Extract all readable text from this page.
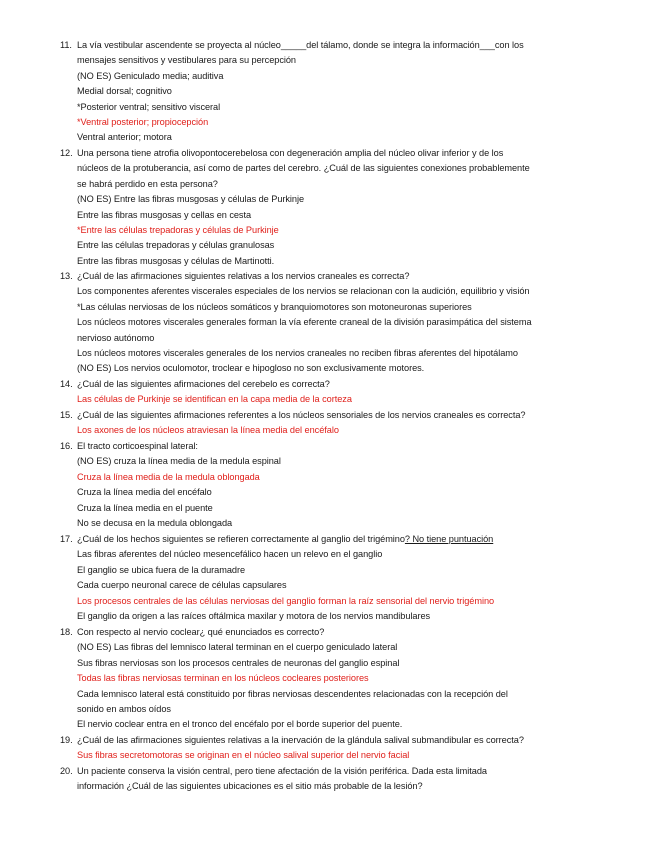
11. La vía vestibular ascendente se proyecta al núcleo_____del tálamo, donde se integra la información___con los
mensajes sensitivos y vestibulares para su percepción
(NO ES) Geniculado media; auditiva
Medial dorsal; cognitivo
*Posterior ventral; sensitivo visceral
*Ventral posterior; propiocepción
Ventral anterior; motora
12. Una persona tiene atrofia olivopontocerebelosa con degeneración amplia del núcleo olivar inferior y de los
núcleos de la protuberancia, así como de partes del cerebro. ¿Cuál de las siguientes conexiones probablemente
se habrá perdido en esta persona?
(NO ES) Entre las fibras musgosas y células de Purkinje
Entre las fibras musgosas y cellas en cesta
*Entre las células trepadoras y células de Purkinje
Entre las células trepadoras y células granulosas
Entre las fibras musgosas y células de Martinotti.
13. ¿Cuál de las afirmaciones siguientes relativas a los nervios craneales es correcta?
Los componentes aferentes viscerales especiales de los nervios se relacionan con la audición, equilibrio y visión
*Las células nerviosas de los núcleos somáticos y branquiomotores son motoneuronas superiores
Los núcleos motores viscerales generales forman la vía eferente craneal de la división parasimpática del sistema
nervioso autónomo
Los núcleos motores viscerales generales de los nervios craneales no reciben fibras aferentes del hipotálamo
(NO ES) Los nervios oculomotor, troclear e hipogloso no son exclusivamente motores.
14. ¿Cuál de las siguientes afirmaciones del cerebelo es correcta?
Las células de Purkinje se identifican en la capa media de la corteza
15. ¿Cuál de las siguientes afirmaciones referentes a los núcleos sensoriales de los nervios craneales es correcta?
Los axones de los núcleos atraviesan la línea media del encéfalo
16. El tracto corticoespinal lateral:
(NO ES) cruza la línea media de la medula espinal
Cruza la línea media de la medula oblongada
Cruza la línea media del encéfalo
Cruza la línea media en el puente
No se decusa en la medula oblongada
17. ¿Cuál de los hechos siguientes se refieren correctamente al ganglio del trigémino? No tiene puntuación
Las fibras aferentes del núcleo mesencefálico hacen un relevo en el ganglio
El ganglio se ubica fuera de la duramadre
Cada cuerpo neuronal carece de células capsulares
Los procesos centrales de las células nerviosas del ganglio forman la raíz sensorial del nervio trigémino
El ganglio da origen a las raíces oftálmica maxilar y motora de los nervios mandibulares
18. Con respecto al nervio coclear¿ qué enunciados es correcto?
(NO ES) Las fibras del lemnisco lateral terminan en el cuerpo geniculado lateral
Sus fibras nerviosas son los procesos centrales de neuronas del ganglio espinal
Todas las fibras nerviosas terminan en los núcleos cocleares posteriores
Cada lemnisco lateral está constituido por fibras nerviosas descendentes relacionadas con la recepción del
sonido en ambos oídos
El nervio coclear entra en el tronco del encéfalo por el borde superior del puente.
19. ¿Cuál de las afirmaciones siguientes relativas a la inervación de la glándula salival submandibular es correcta?
Sus fibras secretomotoras se originan en el núcleo salival superior del nervio facial
20. Un paciente conserva la visión central, pero tiene afectación de la visión periférica. Dada esta limitada
información ¿Cuál de las siguientes ubicaciones es el sitio más probable de la lesión?
